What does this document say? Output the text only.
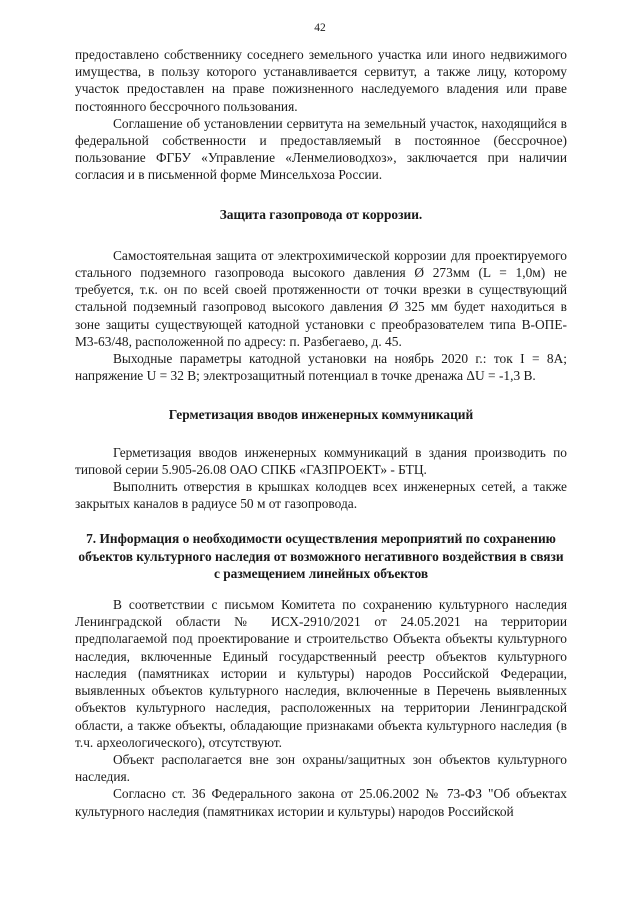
42

предоставлено собственнику соседнего земельного участка или иного недвижимого имущества, в пользу которого устанавливается сервитут, а также лицу, которому участок предоставлен на праве пожизненного наследуемого владения или праве постоянного бессрочного пользования.

Соглашение об установлении сервитута на земельный участок, находящийся в федеральной собственности и предоставляемый в постоянное (бессрочное) пользование ФГБУ «Управление «Ленмелиоводхоз», заключается при наличии согласия и в письменной форме Минсельхоза России.

Защита газопровода от коррозии.

Самостоятельная защита от электрохимической коррозии для проектируемого стального подземного газопровода высокого давления Ø 273мм (L = 1,0м) не требуется, т.к. он по всей своей протяженности от точки врезки в существующий стальной подземный газопровод высокого давления Ø 325 мм будет находиться в зоне защиты существующей катодной установки с преобразователем типа В-ОПЕ-М3-63/48, расположенной по адресу: п. Разбегаево, д. 45.

Выходные параметры катодной установки на ноябрь 2020 г.: ток I = 8А; напряжение U = 32 В; электрозащитный потенциал в точке дренажа ΔU = -1,3 В.

Герметизация вводов инженерных коммуникаций

Герметизация вводов инженерных коммуникаций в здания производить по типовой серии 5.905-26.08 ОАО СПКБ «ГАЗПРОЕКТ» - БТЦ.

Выполнить отверстия в крышках колодцев всех инженерных сетей, а также закрытых каналов в радиусе 50 м от газопровода.

7. Информация о необходимости осуществления мероприятий по сохранению объектов культурного наследия от возможного негативного воздействия в связи с размещением линейных объектов

В соответствии с письмом Комитета по сохранению культурного наследия Ленинградской области № ИСХ-2910/2021 от 24.05.2021 на территории предполагаемой под проектирование и строительство Объекта объекты культурного наследия, включенные Единый государственный реестр объектов культурного наследия (памятниках истории и культуры) народов Российской Федерации, выявленных объектов культурного наследия, включенные в Перечень выявленных объектов культурного наследия, расположенных на территории Ленинградской области, а также объекты, обладающие признаками объекта культурного наследия (в т.ч. археологического), отсутствуют.

Объект располагается вне зон охраны/защитных зон объектов культурного наследия.

Согласно ст. 36 Федерального закона от 25.06.2002 № 73-ФЗ "Об объектах культурного наследия (памятниках истории и культуры) народов Российской
